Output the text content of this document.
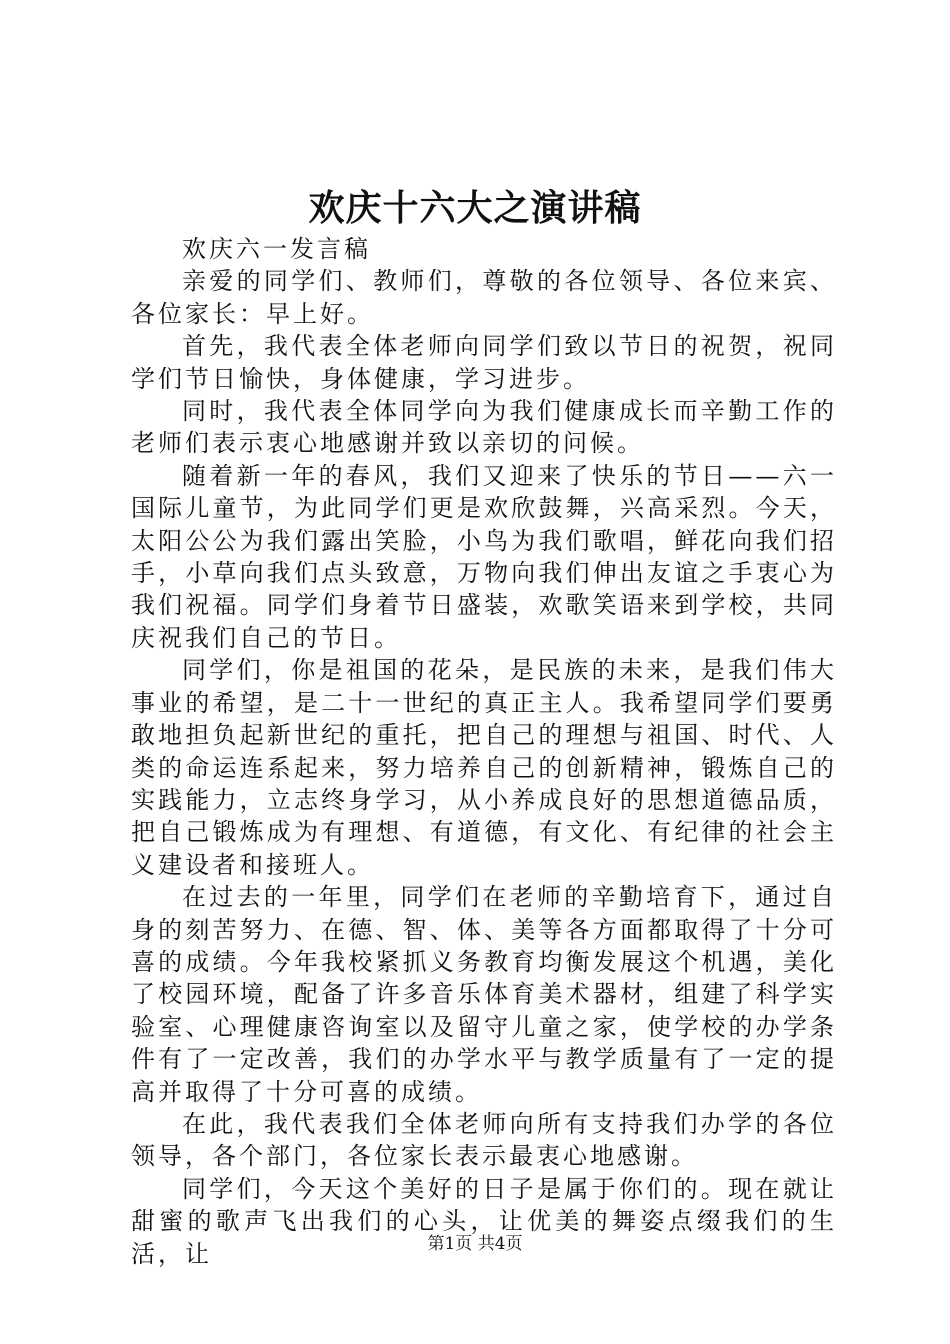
欢庆十六大之演讲稿

欢庆六一发言稿

亲爱的同学们、教师们，尊敬的各位领导、各位来宾、各位家长：早上好。

首先，我代表全体老师向同学们致以节日的祝贺，祝同学们节日愉快，身体健康，学习进步。

同时，我代表全体同学向为我们健康成长而辛勤工作的老师们表示衷心地感谢并致以亲切的问候。

随着新一年的春风，我们又迎来了快乐的节日——六一国际儿童节，为此同学们更是欢欣鼓舞，兴高采烈。今天，太阳公公为我们露出笑脸，小鸟为我们歌唱，鲜花向我们招手，小草向我们点头致意，万物向我们伸出友谊之手衷心为我们祝福。同学们身着节日盛装，欢歌笑语来到学校，共同庆祝我们自己的节日。

同学们，你是祖国的花朵，是民族的未来，是我们伟大事业的希望，是二十一世纪的真正主人。我希望同学们要勇敢地担负起新世纪的重托，把自己的理想与祖国、时代、人类的命运连系起来，努力培养自己的创新精神，锻炼自己的实践能力，立志终身学习，从小养成良好的思想道德品质，把自己锻炼成为有理想、有道德，有文化、有纪律的社会主义建设者和接班人。

在过去的一年里，同学们在老师的辛勤培育下，通过自身的刻苦努力、在德、智、体、美等各方面都取得了十分可喜的成绩。今年我校紧抓义务教育均衡发展这个机遇，美化了校园环境，配备了许多音乐体育美术器材，组建了科学实验室、心理健康咨询室以及留守儿童之家，使学校的办学条件有了一定改善，我们的办学水平与教学质量有了一定的提高并取得了十分可喜的成绩。

在此，我代表我们全体老师向所有支持我们办学的各位领导，各个部门，各位家长表示最衷心地感谢。

同学们，今天这个美好的日子是属于你们的。现在就让甜蜜的歌声飞出我们的心头，让优美的舞姿点缀我们的生活，让	第1页 共4页
